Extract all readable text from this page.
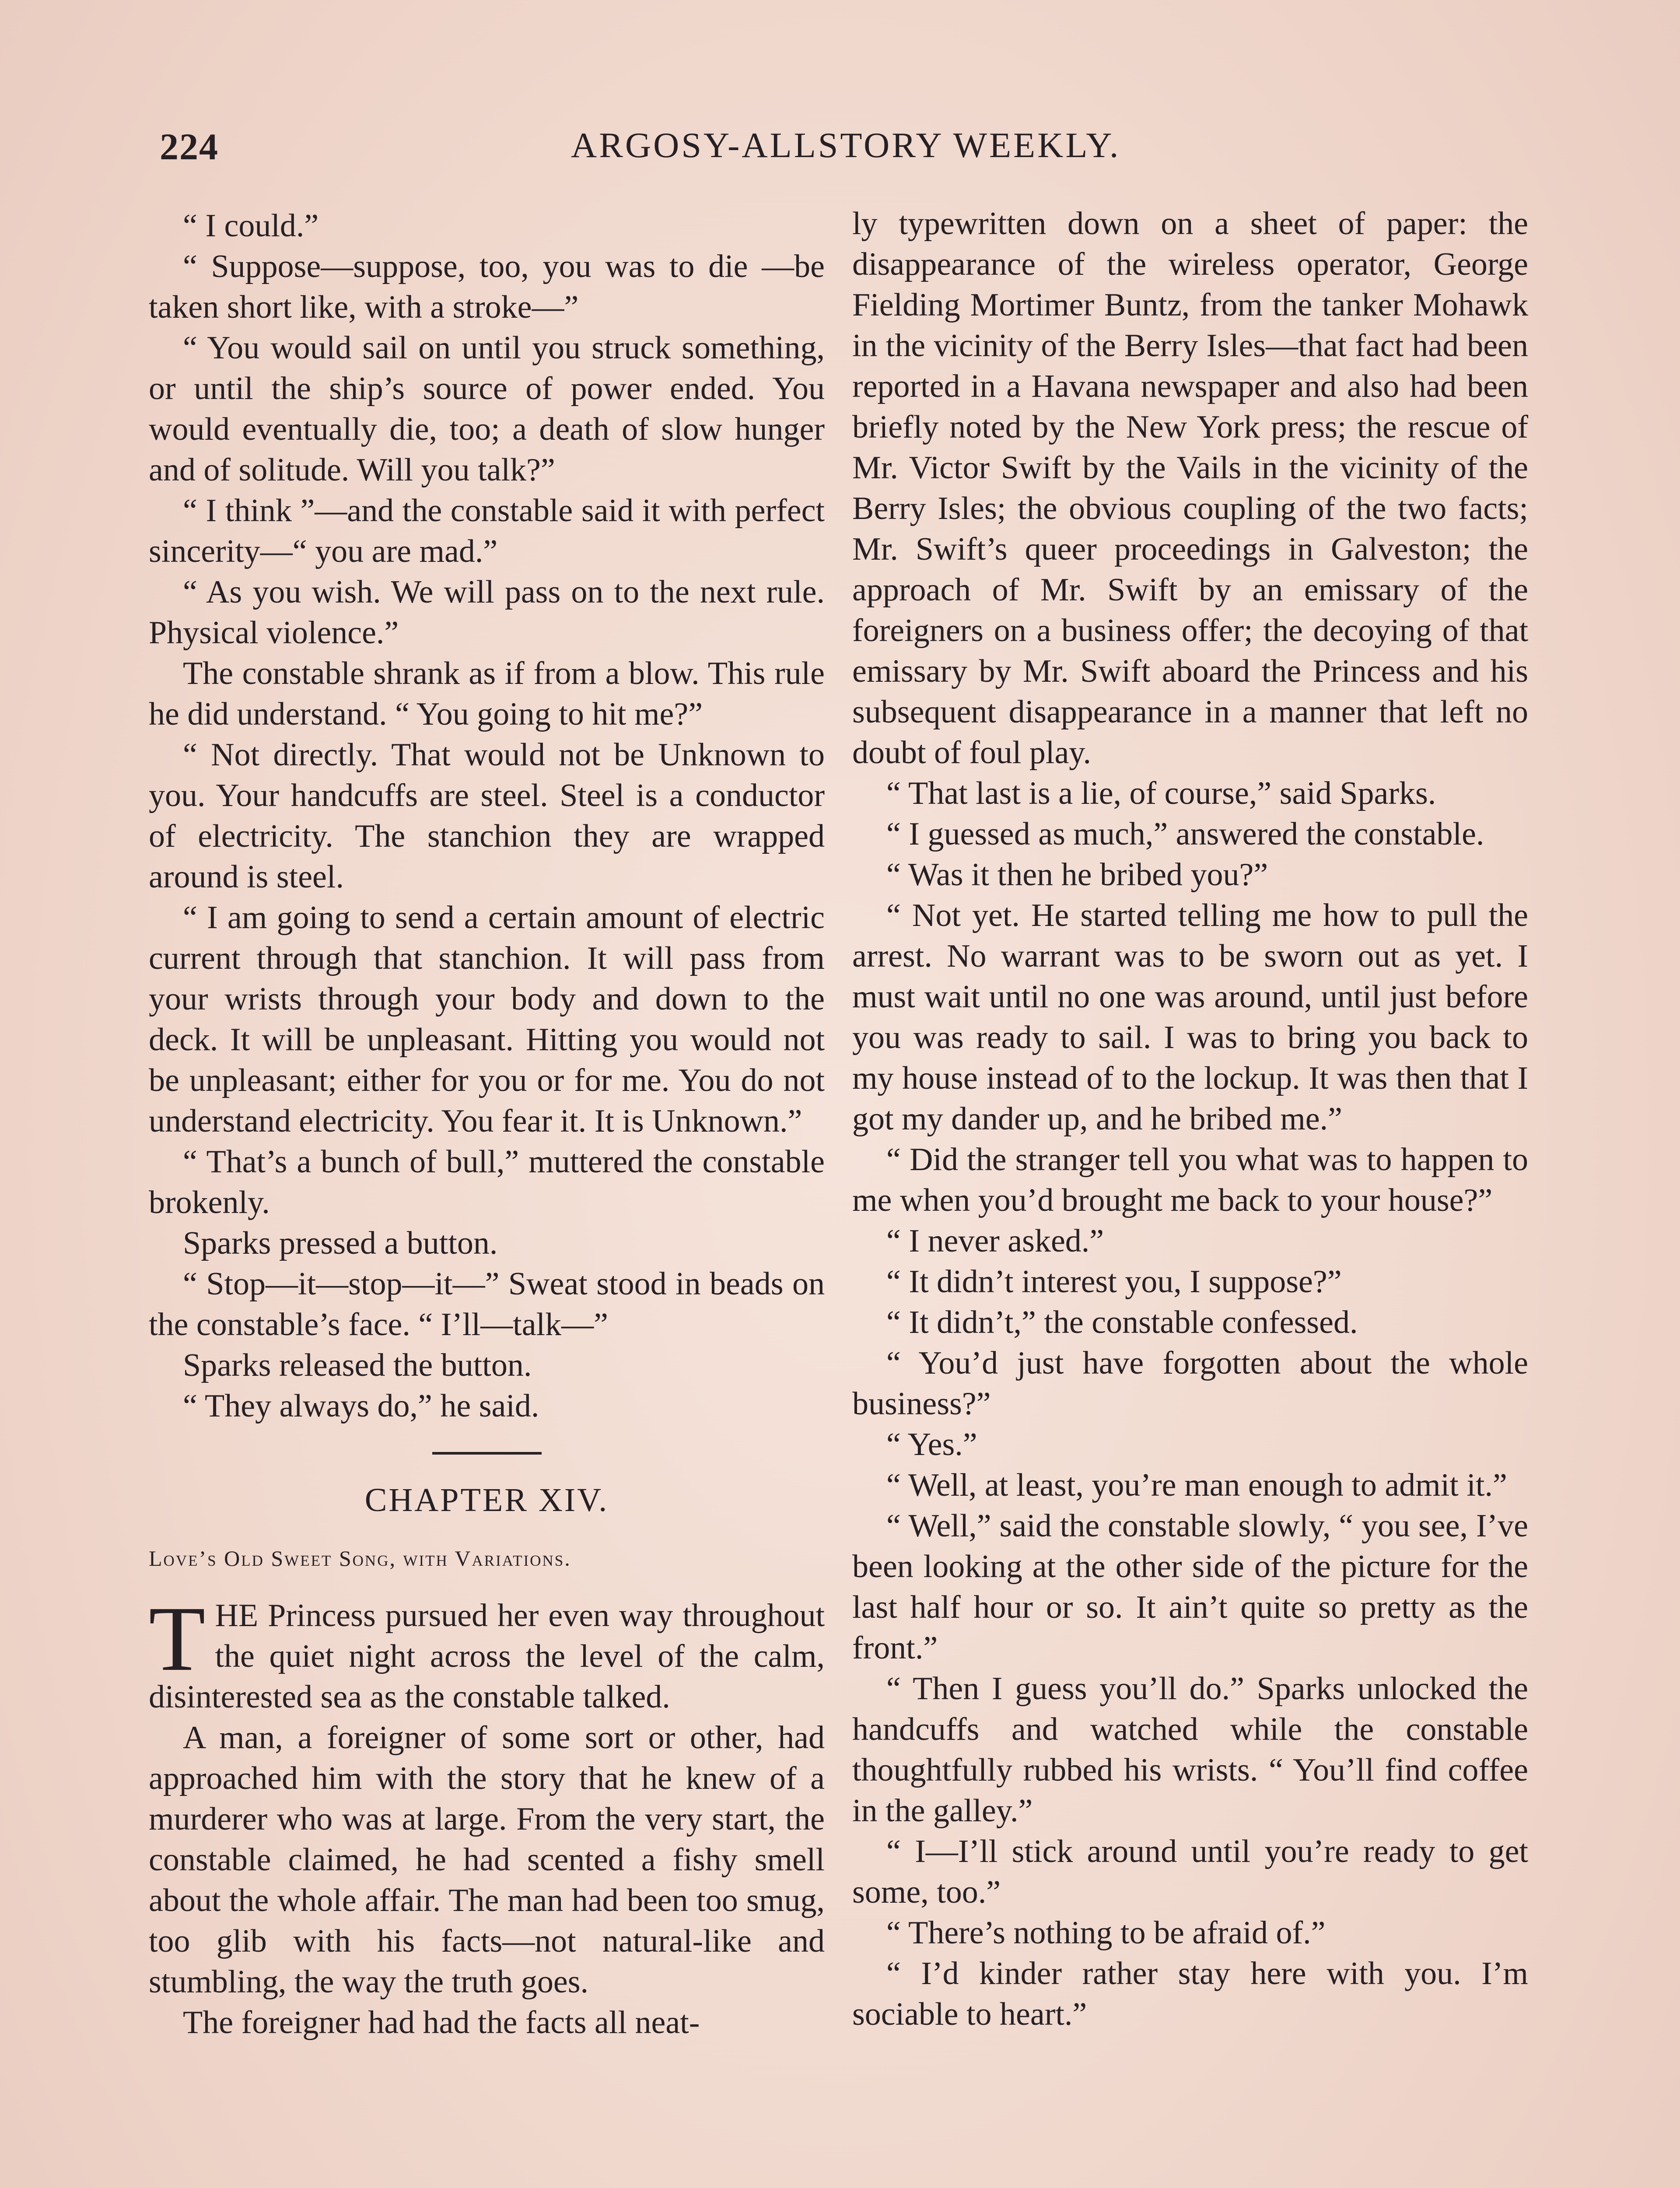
224	ARGOSY-ALLSTORY WEEKLY.

“ I could.”

“ Suppose—suppose, too, you was to die —be taken short like, with a stroke—”

“ You would sail on until you struck something, or until the ship’s source of power ended. You would eventually die, too; a death of slow hunger and of solitude. Will you talk?”

“ I think ”—and the constable said it with perfect sincerity—“ you are mad.”

“ As you wish. We will pass on to the next rule. Physical violence.”

The constable shrank as if from a blow. This rule he did understand. “ You going to hit me?”

“ Not directly. That would not be Unknown to you. Your handcuffs are steel. Steel is a conductor of electricity. The stanchion they are wrapped around is steel.

“ I am going to send a certain amount of electric current through that stanchion. It will pass from your wrists through your body and down to the deck. It will be unpleasant. Hitting you would not be unpleasant; either for you or for me. You do not understand electricity. You fear it. It is Unknown.”

“ That’s a bunch of bull,” muttered the constable brokenly.

Sparks pressed a button.

“ Stop—it—stop—it—” Sweat stood in beads on the constable’s face. “ I’ll—talk—”

Sparks released the button.

“ They always do,” he said.

CHAPTER XIV.

Love’s Old Sweet Song, with Variations.

THE Princess pursued her even way throughout the quiet night across the level of the calm, disinterested sea as the constable talked.

A man, a foreigner of some sort or other, had approached him with the story that he knew of a murderer who was at large. From the very start, the constable claimed, he had scented a fishy smell about the whole affair. The man had been too smug, too glib with his facts—not natural-like and stumbling, the way the truth goes.

The foreigner had had the facts all neat-

ly typewritten down on a sheet of paper: the disappearance of the wireless operator, George Fielding Mortimer Buntz, from the tanker Mohawk in the vicinity of the Berry Isles—that fact had been reported in a Havana newspaper and also had been briefly noted by the New York press; the rescue of Mr. Victor Swift by the Vails in the vicinity of the Berry Isles; the obvious coupling of the two facts; Mr. Swift’s queer proceedings in Galveston; the approach of Mr. Swift by an emissary of the foreigners on a business offer; the decoying of that emissary by Mr. Swift aboard the Princess and his subsequent disappearance in a manner that left no doubt of foul play.

“ That last is a lie, of course,” said Sparks.

“ I guessed as much,” answered the constable.

“ Was it then he bribed you?”

“ Not yet. He started telling me how to pull the arrest. No warrant was to be sworn out as yet. I must wait until no one was around, until just before you was ready to sail. I was to bring you back to my house instead of to the lockup. It was then that I got my dander up, and he bribed me.”

“ Did the stranger tell you what was to happen to me when you’d brought me back to your house?”

“ I never asked.”

“ It didn’t interest you, I suppose?”

“ It didn’t,” the constable confessed.

“ You’d just have forgotten about the whole business?”

“ Yes.”

“ Well, at least, you’re man enough to admit it.”

“ Well,” said the constable slowly, “ you see, I’ve been looking at the other side of the picture for the last half hour or so. It ain’t quite so pretty as the front.”

“ Then I guess you’ll do.” Sparks unlocked the handcuffs and watched while the constable thoughtfully rubbed his wrists. “ You’ll find coffee in the galley.”

“ I—I’ll stick around until you’re ready to get some, too.”

“ There’s nothing to be afraid of.”

“ I’d kinder rather stay here with you. I’m sociable to heart.”
